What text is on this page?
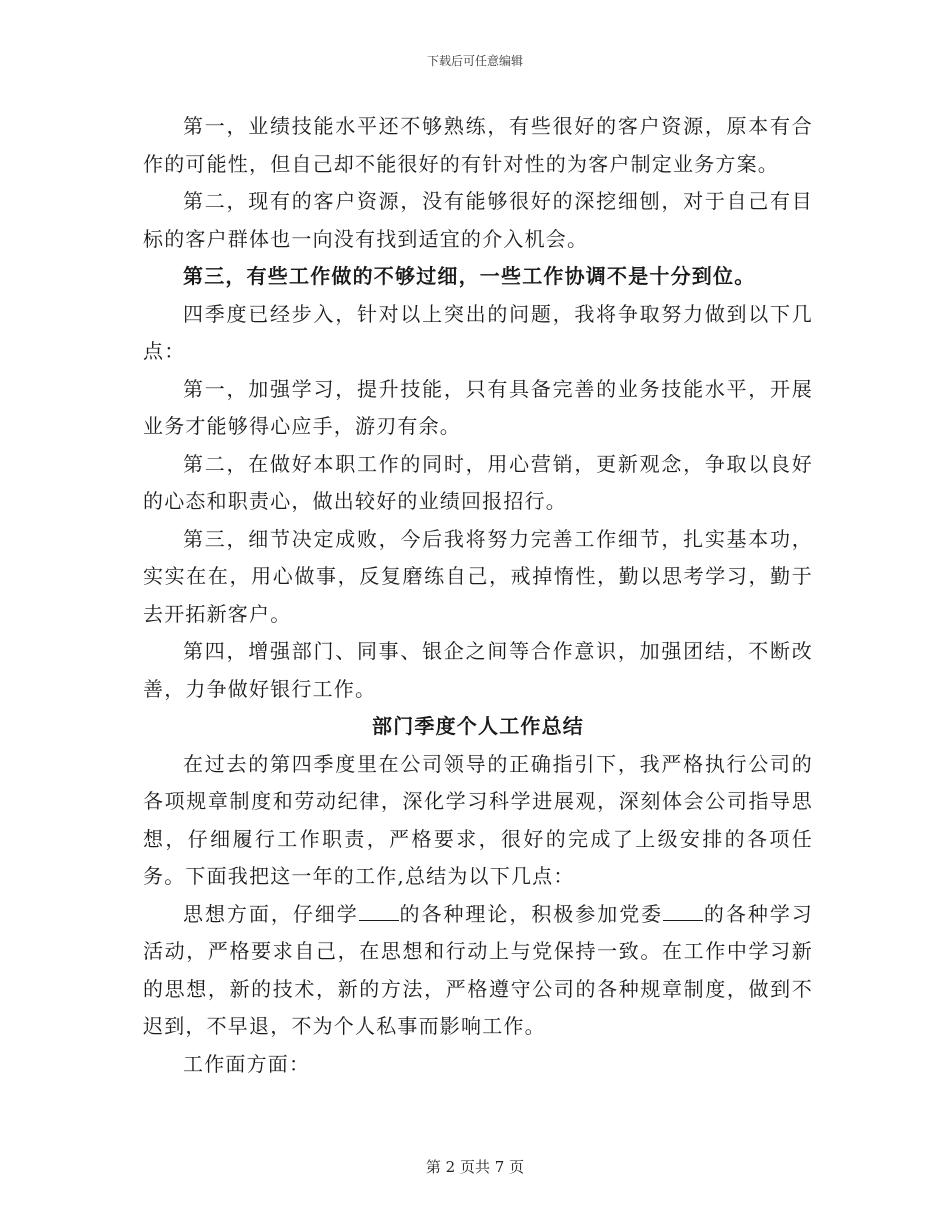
下载后可任意编辑

第一，业绩技能水平还不够熟练，有些很好的客户资源，原本有合作的可能性，但自己却不能很好的有针对性的为客户制定业务方案。

第二，现有的客户资源，没有能够很好的深挖细刨，对于自己有目标的客户群体也一向没有找到适宜的介入机会。

第三，有些工作做的不够过细，一些工作协调不是十分到位。

四季度已经步入，针对以上突出的问题，我将争取努力做到以下几点：

第一，加强学习，提升技能，只有具备完善的业务技能水平，开展业务才能够得心应手，游刃有余。

第二，在做好本职工作的同时，用心营销，更新观念，争取以良好的心态和职责心，做出较好的业绩回报招行。

第三，细节决定成败，今后我将努力完善工作细节，扎实基本功，实实在在，用心做事，反复磨练自己，戒掉惰性，勤以思考学习，勤于去开拓新客户。

第四，增强部门、同事、银企之间等合作意识，加强团结，不断改善，力争做好银行工作。

部门季度个人工作总结

在过去的第四季度里在公司领导的正确指引下，我严格执行公司的各项规章制度和劳动纪律，深化学习科学进展观，深刻体会公司指导思想，仔细履行工作职责，严格要求，很好的完成了上级安排的各项任务。下面我把这一年的工作,总结为以下几点：

思想方面，仔细学 的各种理论，积极参加党委 的各种学习活动，严格要求自己，在思想和行动上与党保持一致。在工作中学习新的思想，新的技术，新的方法，严格遵守公司的各种规章制度，做到不迟到，不早退，不为个人私事而影响工作。

工作面方面：

第 2 页共 7 页
